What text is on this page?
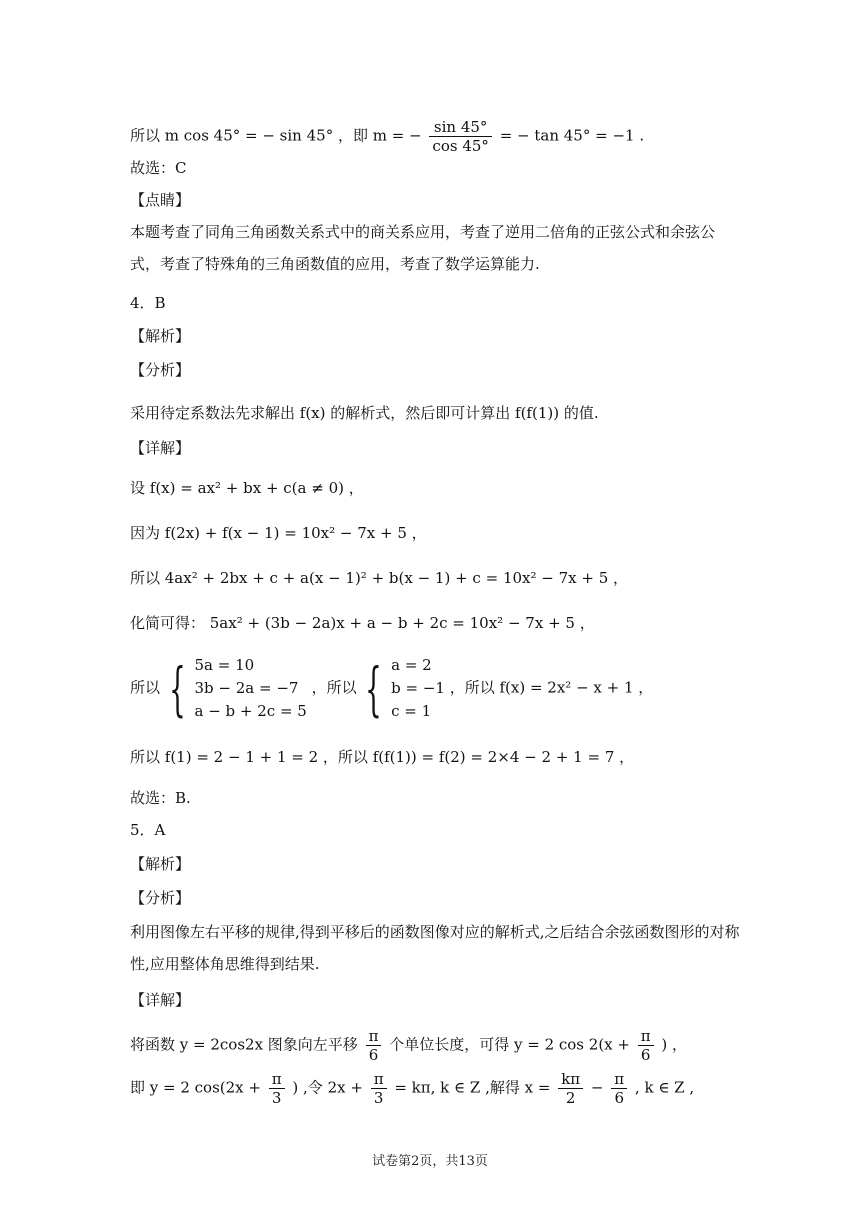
所以 m cos 45° = − sin 45° ，即 m = − $\frac{\sin 45^\circ}{\cos 45^\circ}$ = − tan 45° = −1 .
故选：C
【点睛】
本题考查了同角三角函数关系式中的商关系应用，考查了逆用二倍角的正弦公式和余弦公式，考查了特殊角的三角函数值的应用，考查了数学运算能力.
4．B
【解析】
【分析】
采用待定系数法先求解出 f(x) 的解析式，然后即可计算出 f(f(1)) 的值.
【详解】
设 f(x) = ax² + bx + c(a ≠ 0) ，
因为 f(2x) + f(x − 1) = 10x² − 7x + 5 ，
所以 4ax² + 2bx + c + a(x − 1)² + b(x − 1) + c = 10x² − 7x + 5 ，
化简可得： 5ax² + (3b − 2a)x + a − b + 2c = 10x² − 7x + 5 ，
所以 { 5a = 10
3b − 2a = −7
a − b + 2c = 5
，所以 { a = 2
b = −1
c = 1
，所以 f(x) = 2x² − x + 1 ，
所以 f(1) = 2 − 1 + 1 = 2 ，所以 f(f(1)) = f(2) = 2×4 − 2 + 1 = 7 ，
故选：B.
5．A
【解析】
【分析】
利用图像左右平移的规律,得到平移后的函数图像对应的解析式,之后结合余弦函数图形的对称性,应用整体角思维得到结果.
【详解】
将函数 y = 2cos2x 图象向左平移 $\frac{\pi}{6}$ 个单位长度，可得 y = 2 $\cos 2(x + \frac{\pi}{6}$ ) ，
即 y = 2 $\cos(2x + \frac{\pi}{3}$ ) ,令 $2x + \frac{\pi}{3} = k\pi$, k ∈ Z ,解得 $x = \frac{k\pi}{2} - \frac{\pi}{6}$ , k ∈ Z ,
试卷第2页，共13页
